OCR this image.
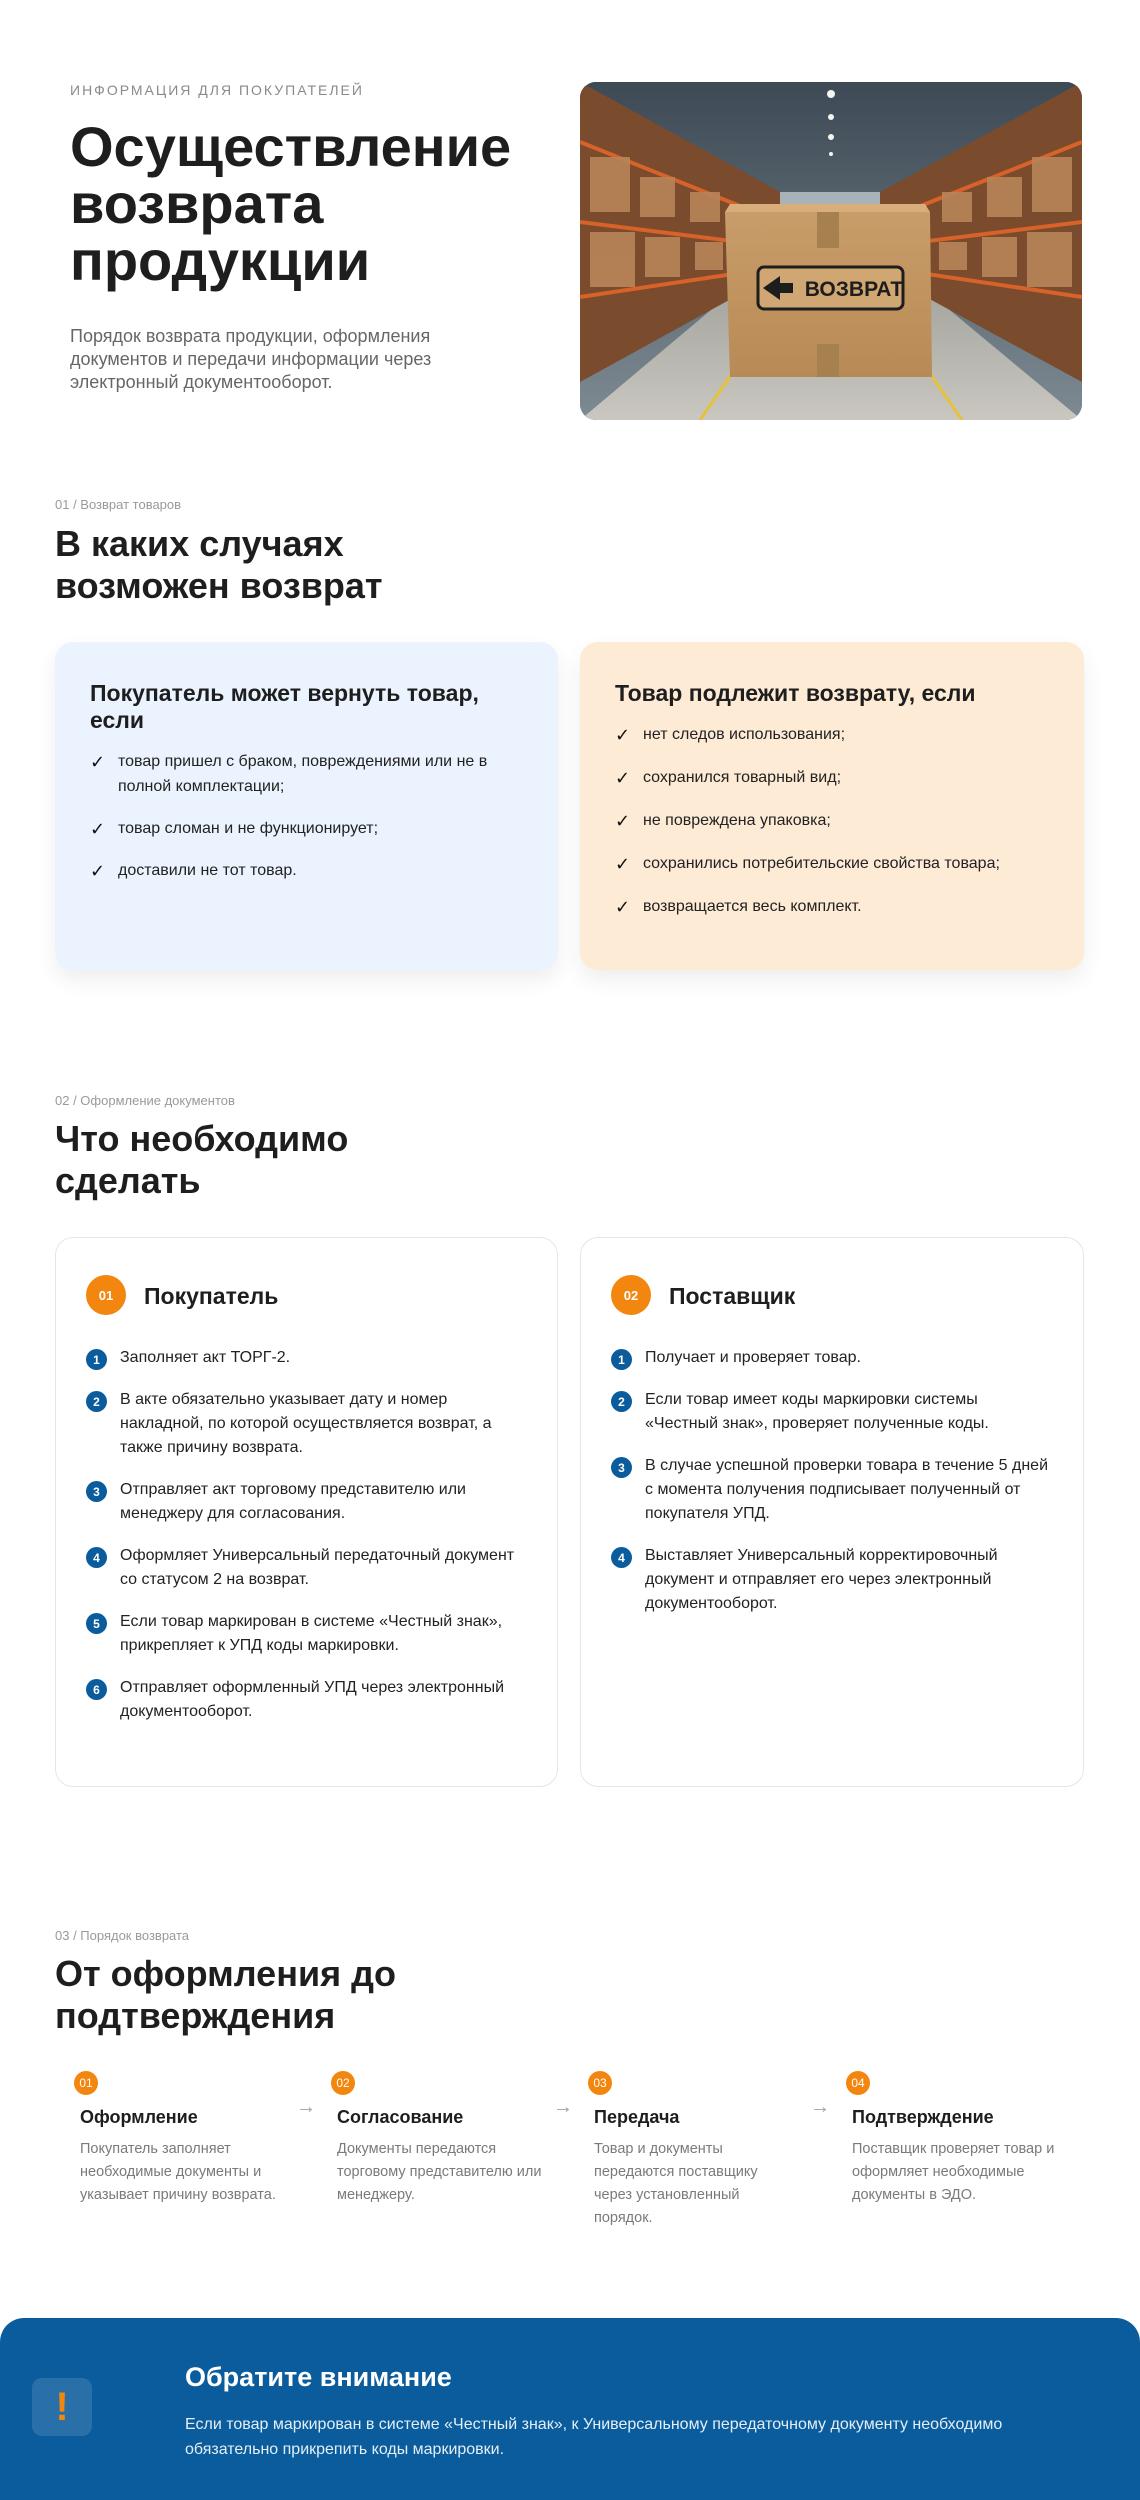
ИНФОРМАЦИЯ ДЛЯ ПОКУПАТЕЛЕЙ
Осуществление возврата продукции

Порядок возврата продукции, оформления документов и передачи информации через электронный документооборот.

ВОЗВРАТ
01 / Возврат товаров
В каких случаях возможен возврат
Покупатель может вернуть товар, если
✓ товар пришел с браком, повреждениями или не в полной комплектации;
✓ товар сломан и не функционирует;
✓ доставили не тот товар.
Товар подлежит возврату, если
✓ нет следов использования;
✓ сохранился товарный вид;
✓ не повреждена упаковка;
✓ сохранились потребительские свойства товара;
✓ возвращается весь комплект.
02 / Оформление документов
Что необходимо сделать
01	Покупатель
1	Заполняет акт ТОРГ-2.
2	В акте обязательно указывает дату и номер накладной, по которой осуществляется возврат, а также причину возврата.
3	Отправляет акт торговому представителю или менеджеру для согласования.
4	Оформляет Универсальный передаточный документ со статусом 2 на возврат.
5	Если товар маркирован в системе «Честный знак», прикрепляет к УПД коды маркировки.
6	Отправляет оформленный УПД через электронный документооборот.
02	Поставщик
1	Получает и проверяет товар.
2	Если товар имеет коды маркировки системы «Честный знак», проверяет полученные коды.
3	В случае успешной проверки товара в течение 5 дней с момента получения подписывает полученный от покупателя УПД.
4	Выставляет Универсальный корректировочный документ и отправляет его через электронный документооборот.
03 / Порядок возврата
От оформления до подтверждения
01
Оформление
Покупатель заполняет необходимые документы и указывает причину возврата.
→
02
Согласование
Документы передаются торговому представителю или менеджеру.
→
03
Передача
Товар и документы передаются поставщику через установленный порядок.
→
04
Подтверждение
Поставщик проверяет товар и оформляет необходимые документы в ЭДО.
!
Обратите внимание

Если товар маркирован в системе «Честный знак», к Универсальному передаточному документу необходимо обязательно прикрепить коды маркировки.
